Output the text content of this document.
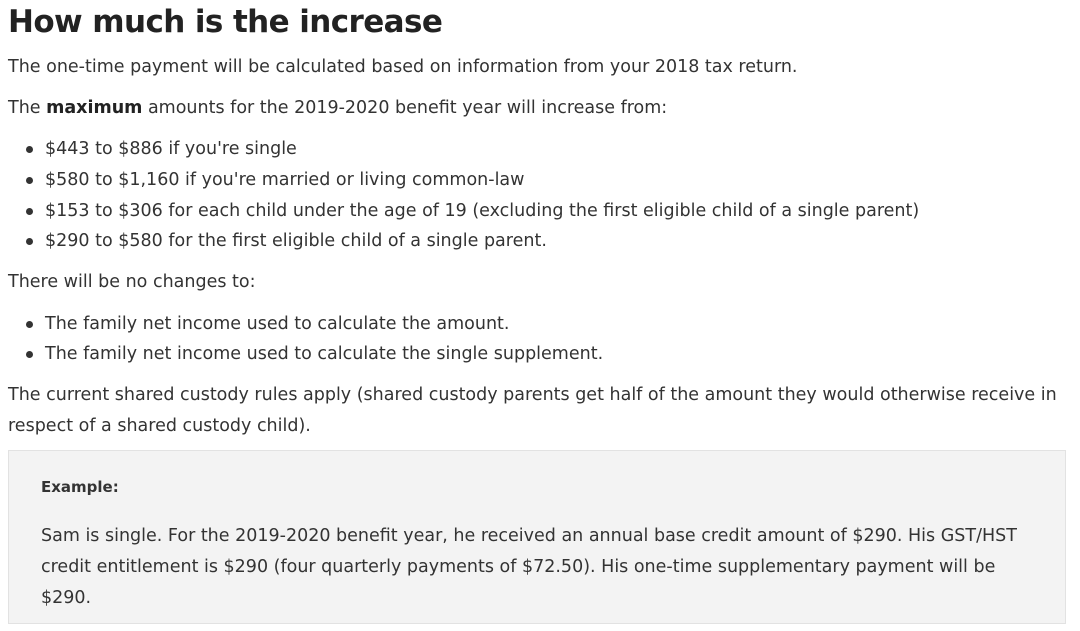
How much is the increase

The one-time payment will be calculated based on information from your 2018 tax return.

The maximum amounts for the 2019-2020 benefit year will increase from:

$443 to $886 if you're single
$580 to $1,160 if you're married or living common-law
$153 to $306 for each child under the age of 19 (excluding the first eligible child of a single parent)
$290 to $580 for the first eligible child of a single parent.

There will be no changes to:

The family net income used to calculate the amount.
The family net income used to calculate the single supplement.

The current shared custody rules apply (shared custody parents get half of the amount they would otherwise receive in respect of a shared custody child).

Example:
Sam is single. For the 2019-2020 benefit year, he received an annual base credit amount of $290. His GST/HST credit entitlement is $290 (four quarterly payments of $72.50). His one-time supplementary payment will be $290.
